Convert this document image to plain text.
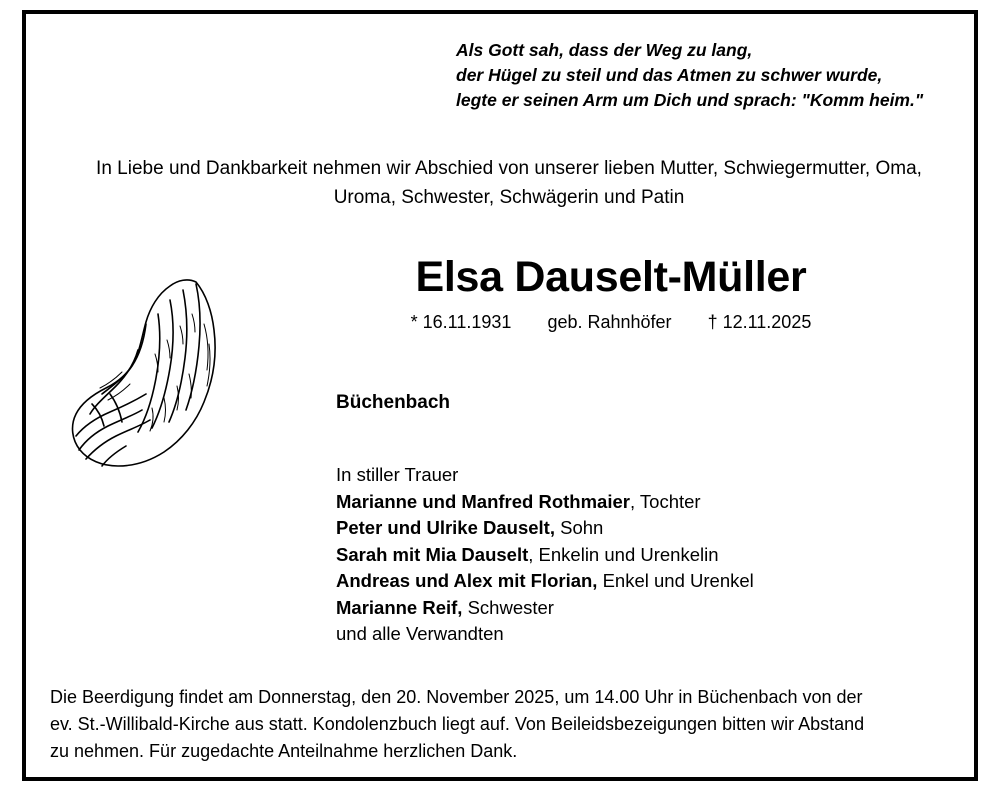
Als Gott sah, dass der Weg zu lang,
der Hügel zu steil und das Atmen zu schwer wurde,
legte er seinen Arm um Dich und sprach: "Komm heim."
In Liebe und Dankbarkeit nehmen wir Abschied von unserer lieben Mutter, Schwiegermutter, Oma, Uroma, Schwester, Schwägerin und Patin
Elsa Dauselt-Müller
* 16.11.1931 geb. Rahnhöfer † 12.11.2025
Büchenbach
In stiller Trauer
Marianne und Manfred Rothmaier, Tochter
Peter und Ulrike Dauselt, Sohn
Sarah mit Mia Dauselt, Enkelin und Urenkelin
Andreas und Alex mit Florian, Enkel und Urenkel
Marianne Reif, Schwester
und alle Verwandten
Die Beerdigung findet am Donnerstag, den 20. November 2025, um 14.00 Uhr in Büchenbach von der
ev. St.-Willibald-Kirche aus statt. Kondolenzbuch liegt auf. Von Beileidsbezeigungen bitten wir Abstand
zu nehmen. Für zugedachte Anteilnahme herzlichen Dank.
